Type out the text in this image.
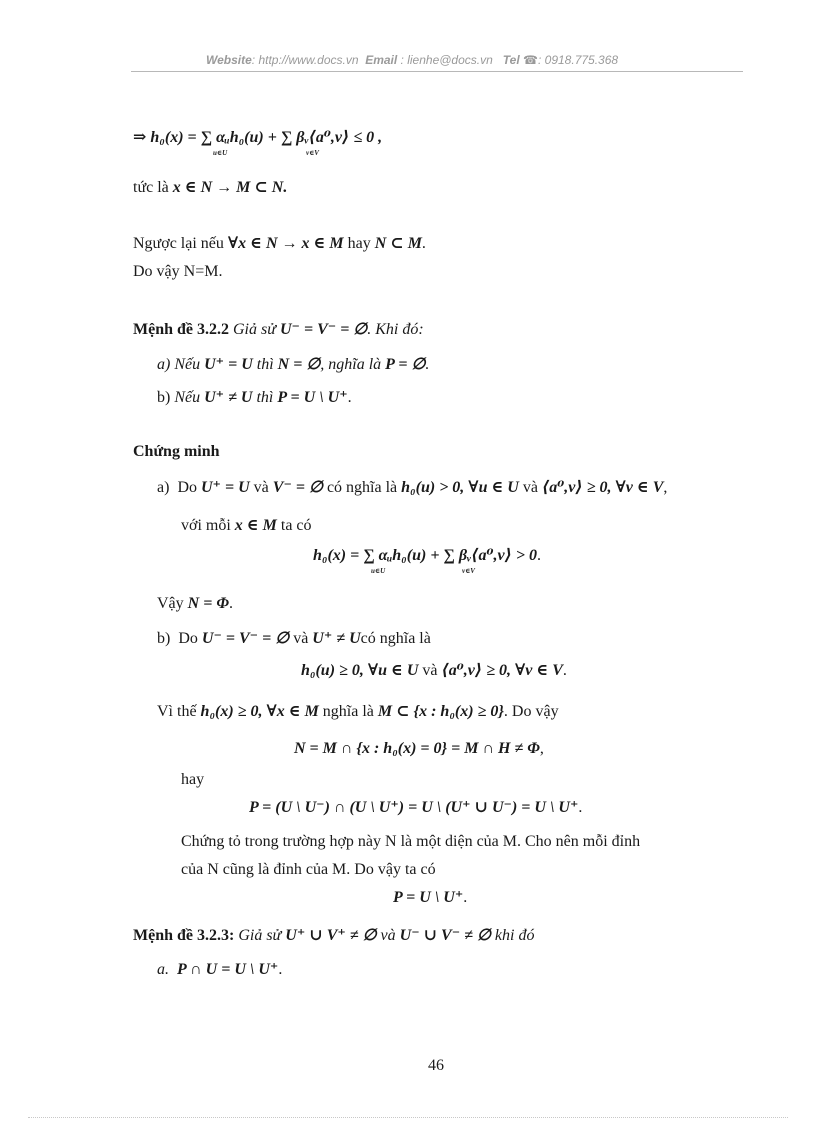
Website: http://www.docs.vn Email : lienhe@docs.vn Tel ☎: 0918.775.368
⇒ h₀(x) = ∑ αᵤh₀(u) + ∑ βᵥ⟨a⁰,v⟩ ≤ 0 ,
u∈U	v∈V
tức là x ∈ N → M ⊂ N.
Ngược lại nếu ∀x ∈ N → x ∈ M hay N ⊂ M.
Do vậy N=M.
Mệnh đề 3.2.2 Giả sử U⁻ = V⁻ = ∅. Khi đó:
a) Nếu U⁺ = U thì N = ∅, nghĩa là P = ∅.
b) Nếu U⁺ ≠ U thì P = U \ U⁺.
Chứng minh
a) Do U⁺ = U và V⁻ = ∅ có nghĩa là h₀(u) > 0, ∀u ∈ U và ⟨a⁰,v⟩ ≥ 0, ∀v ∈ V,
với mỗi x ∈ M ta có
h₀(x) = ∑ αᵤh₀(u) + ∑ βᵥ⟨a⁰,v⟩ > 0.
u∈U	v∈V
Vậy N = Φ.
b) Do U⁻ = V⁻ = ∅ và U⁺ ≠ Ucó nghĩa là
h₀(u) ≥ 0, ∀u ∈ U và ⟨a⁰,v⟩ ≥ 0, ∀v ∈ V.
Vì thế h₀(x) ≥ 0, ∀x ∈ M nghĩa là M ⊂ {x : h₀(x) ≥ 0}. Do vậy
N = M ∩ {x : h₀(x) = 0} = M ∩ H ≠ Φ,
hay
P = (U \ U⁻) ∩ (U \ U⁺) = U \ (U⁺ ∪ U⁻) = U \ U⁺.
Chứng tỏ trong trường hợp này N là một diện của M. Cho nên mỗi đỉnh
của N cũng là đỉnh của M. Do vậy ta có
P = U \ U⁺.
Mệnh đề 3.2.3: Giả sử U⁺ ∪ V⁺ ≠ ∅ và U⁻ ∪ V⁻ ≠ ∅ khi đó
a. P ∩ U = U \ U⁺.
46
